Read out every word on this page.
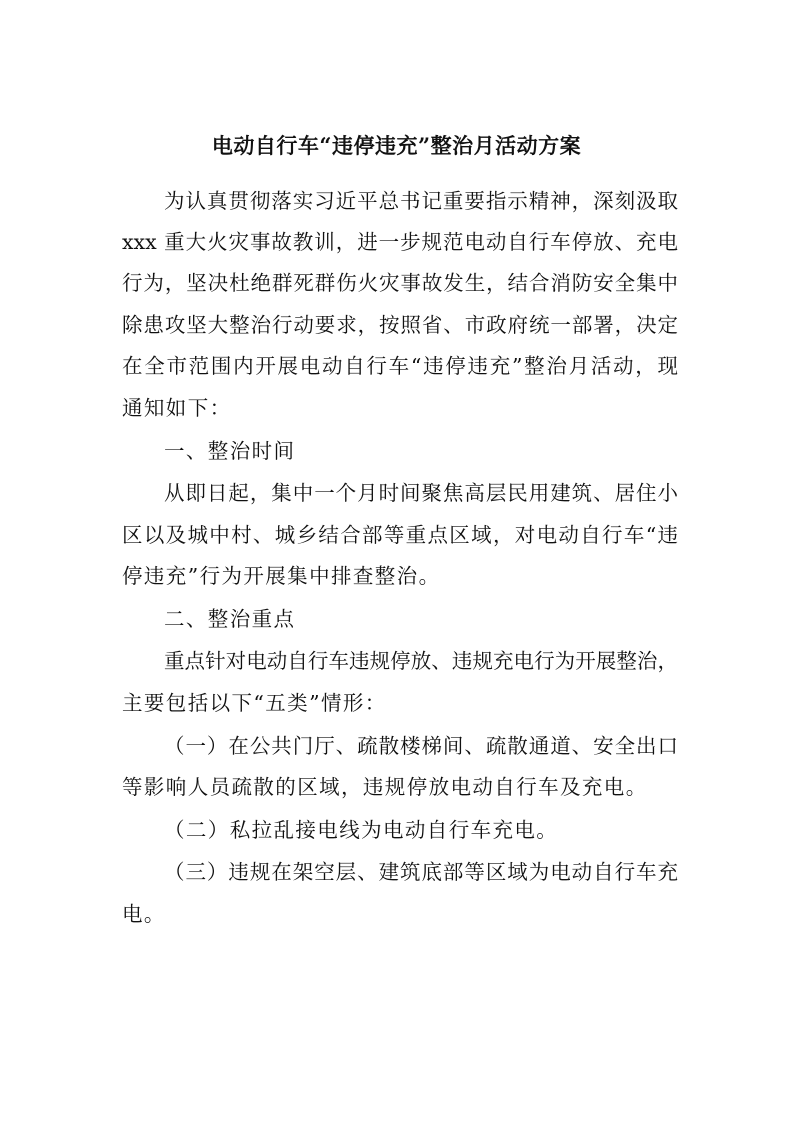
电动自行车“违停违充”整治月活动方案
为认真贯彻落实习近平总书记重要指示精神，深刻汲取
xxx 重大火灾事故教训，进一步规范电动自行车停放、充电
行为，坚决杜绝群死群伤火灾事故发生，结合消防安全集中
除患攻坚大整治行动要求，按照省、市政府统一部署，决定
在全市范围内开展电动自行车“违停违充”整治月活动，现
通知如下：
一、整治时间
从即日起，集中一个月时间聚焦高层民用建筑、居住小
区以及城中村、城乡结合部等重点区域，对电动自行车“违
停违充”行为开展集中排查整治。
二、整治重点
重点针对电动自行车违规停放、违规充电行为开展整治，
主要包括以下“五类”情形：
（一）在公共门厅、疏散楼梯间、疏散通道、安全出口
等影响人员疏散的区域，违规停放电动自行车及充电。
（二）私拉乱接电线为电动自行车充电。
（三）违规在架空层、建筑底部等区域为电动自行车充
电。
